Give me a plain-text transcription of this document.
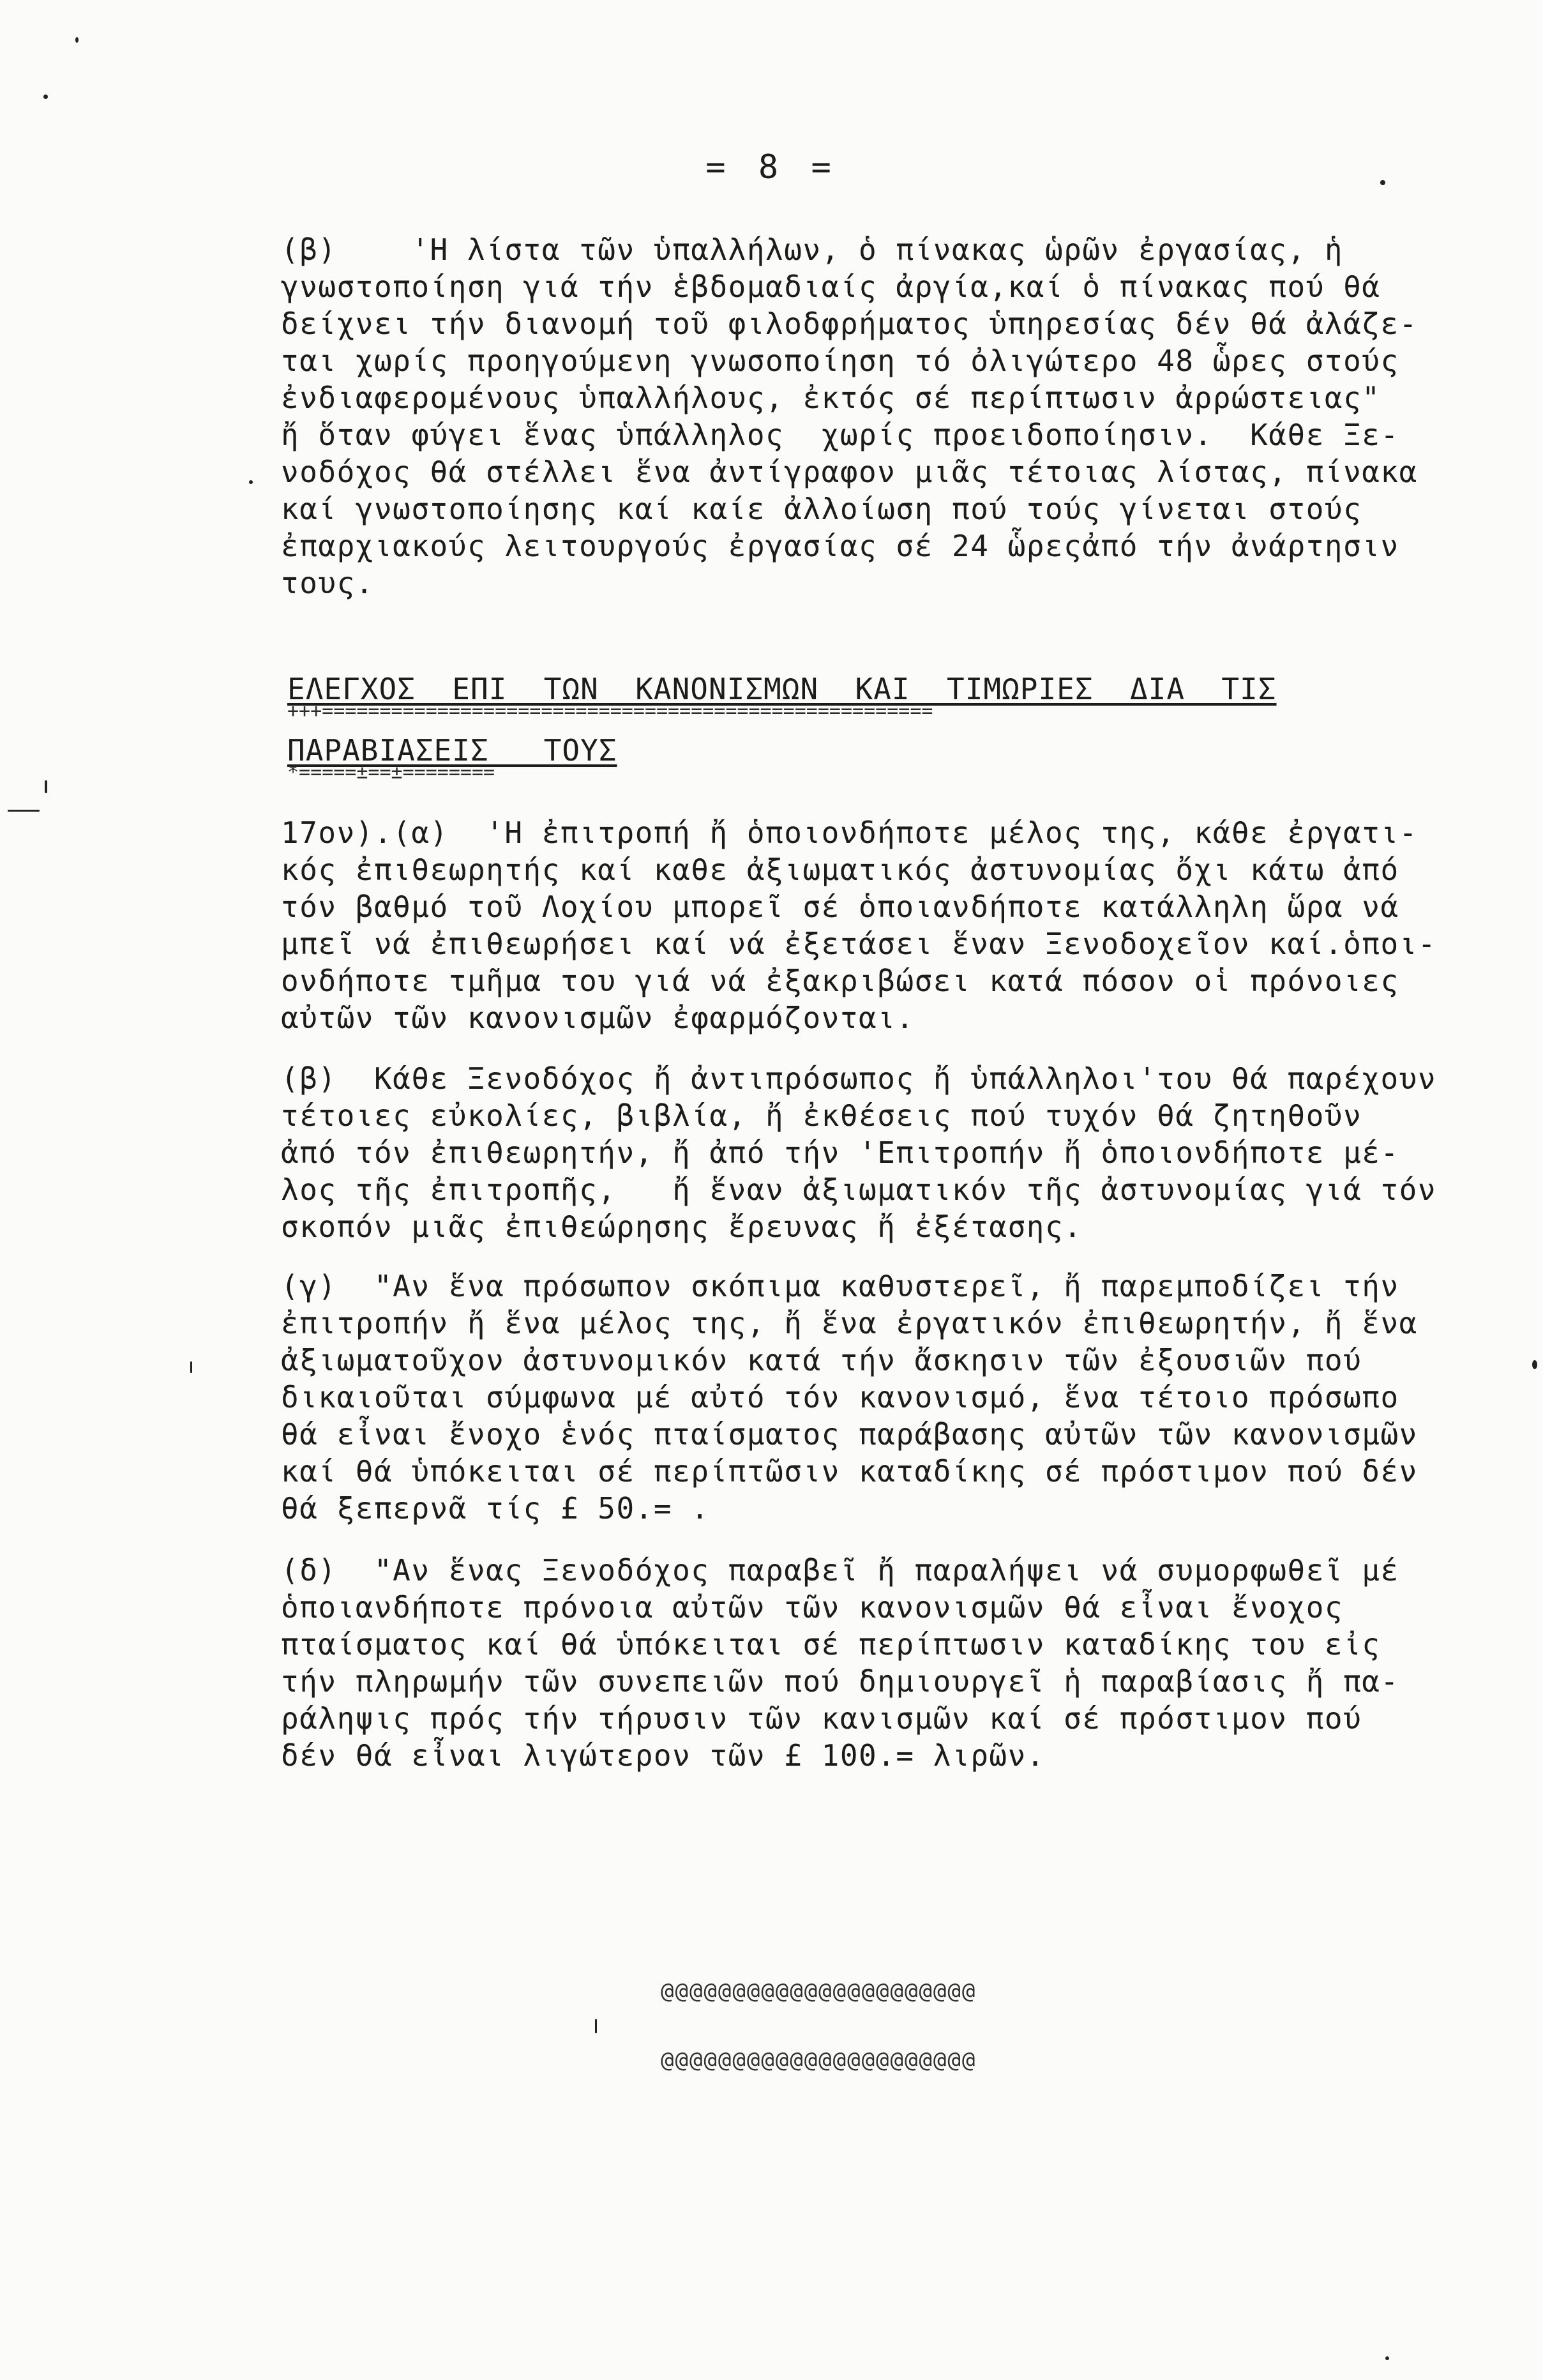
= 8 =
(β)    'Η λίστα τῶν ὑπαλλήλων, ὁ πίνακας ὡρῶν ἐργασίας, ἡ
γνωστοποίηση γιά τήν ἑβδομαδιαίς ἀργία,καί ὁ πίνακας πού θά
δείχνει τήν διανομή τοῦ φιλοδφρήματος ὑπηρεσίας δέν θά ἀλάζε-
ται χωρίς προηγούμενη γνωσοποίηση τό ὀλιγώτερο 48 ὧρες στούς
ἐνδιαφερομένους ὑπαλλήλους, ἐκτός σέ περίπτωσιν ἀρρώστειας"
ἤ ὅταν φύγει ἕνας ὑπάλληλος  χωρίς προειδοποίησιν.  Κάθε Ξε-
νοδόχος θά στέλλει ἕνα ἀντίγραφον μιᾶς τέτοιας λίστας, πίνακα
καί γνωστοποίησης καί καίε ἀλλοίωση πού τούς γίνεται στούς
ἐπαρχιακούς λειτουργούς ἐργασίας σέ 24 ὧρεςἀπό τήν ἀνάρτησιν
τους.
ΕΛΕΓΧΟΣ  ΕΠΙ  ΤΩΝ  ΚΑΝΟΝΙΣΜΩΝ  ΚΑΙ  ΤΙΜΩΡΙΕΣ  ΔΙΑ  ΤΙΣ
+++=====================================================
ΠΑΡΑΒΙΑΣΕΙΣ   ΤΟΥΣ
*=====±==±========
17ον).(α)  'Η ἐπιτροπή ἤ ὁποιονδήποτε μέλος της, κάθε ἐργατι-
κός ἐπιθεωρητής καί καθε ἀξιωματικός ἀστυνομίας ὄχι κάτω ἀπό
τόν βαθμό τοῦ Λοχίου μπορεῖ σέ ὁποιανδήποτε κατάλληλη ὥρα νά
μπεῖ νά ἐπιθεωρήσει καί νά ἐξετάσει ἕναν Ξενοδοχεῖον καί.ὁποι-
ονδήποτε τμῆμα του γιά νά ἐξακριβώσει κατά πόσον οἱ πρόνοιες
αὐτῶν τῶν κανονισμῶν ἐφαρμόζονται.
(β)  Κάθε Ξενοδόχος ἤ ἀντιπρόσωπος ἤ ὑπάλληλοι'του θά παρέχουν
τέτοιες εὐκολίες, βιβλία, ἤ ἐκθέσεις πού τυχόν θά ζητηθοῦν
ἀπό τόν ἐπιθεωρητήν, ἤ ἀπό τήν 'Επιτροπήν ἤ ὁποιονδήποτε μέ-
λος τῆς ἐπιτροπῆς,   ἤ ἕναν ἀξιωματικόν τῆς ἀστυνομίας γιά τόν
σκοπόν μιᾶς ἐπιθεώρησης ἔρευνας ἤ ἐξέτασης.
(γ)  "Αν ἕνα πρόσωπον σκόπιμα καθυστερεῖ, ἤ παρεμποδίζει τήν
ἐπιτροπήν ἤ ἕνα μέλος της, ἤ ἕνα ἐργατικόν ἐπιθεωρητήν, ἤ ἕνα
ἀξιωματοῦχον ἀστυνομικόν κατά τήν ἄσκησιν τῶν ἐξουσιῶν πού
δικαιοῦται σύμφωνα μέ αὐτό τόν κανονισμό, ἕνα τέτοιο πρόσωπο
θά εἶναι ἔνοχο ἑνός πταίσματος παράβασης αὐτῶν τῶν κανονισμῶν
καί θά ὑπόκειται σέ περίπτῶσιν καταδίκης σέ πρόστιμον πού δέν
θά ξεπερνᾶ τίς £ 50.= .
(δ)  "Αν ἕνας Ξενοδόχος παραβεῖ ἤ παραλήψει νά συμορφωθεῖ μέ
ὁποιανδήποτε πρόνοια αὐτῶν τῶν κανονισμῶν θά εἶναι ἔνοχος
πταίσματος καί θά ὑπόκειται σέ περίπτωσιν καταδίκης του εἰς
τήν πληρωμήν τῶν συνεπειῶν πού δημιουργεῖ ἡ παραβίασις ἤ πα-
ράληψις πρός τήν τήρυσιν τῶν κανισμῶν καί σέ πρόστιμον πού
δέν θά εἶναι λιγώτερον τῶν £ 100.= λιρῶν.

@@@@@@@@@@@@@@@@@@@@@@

@@@@@@@@@@@@@@@@@@@@@@
